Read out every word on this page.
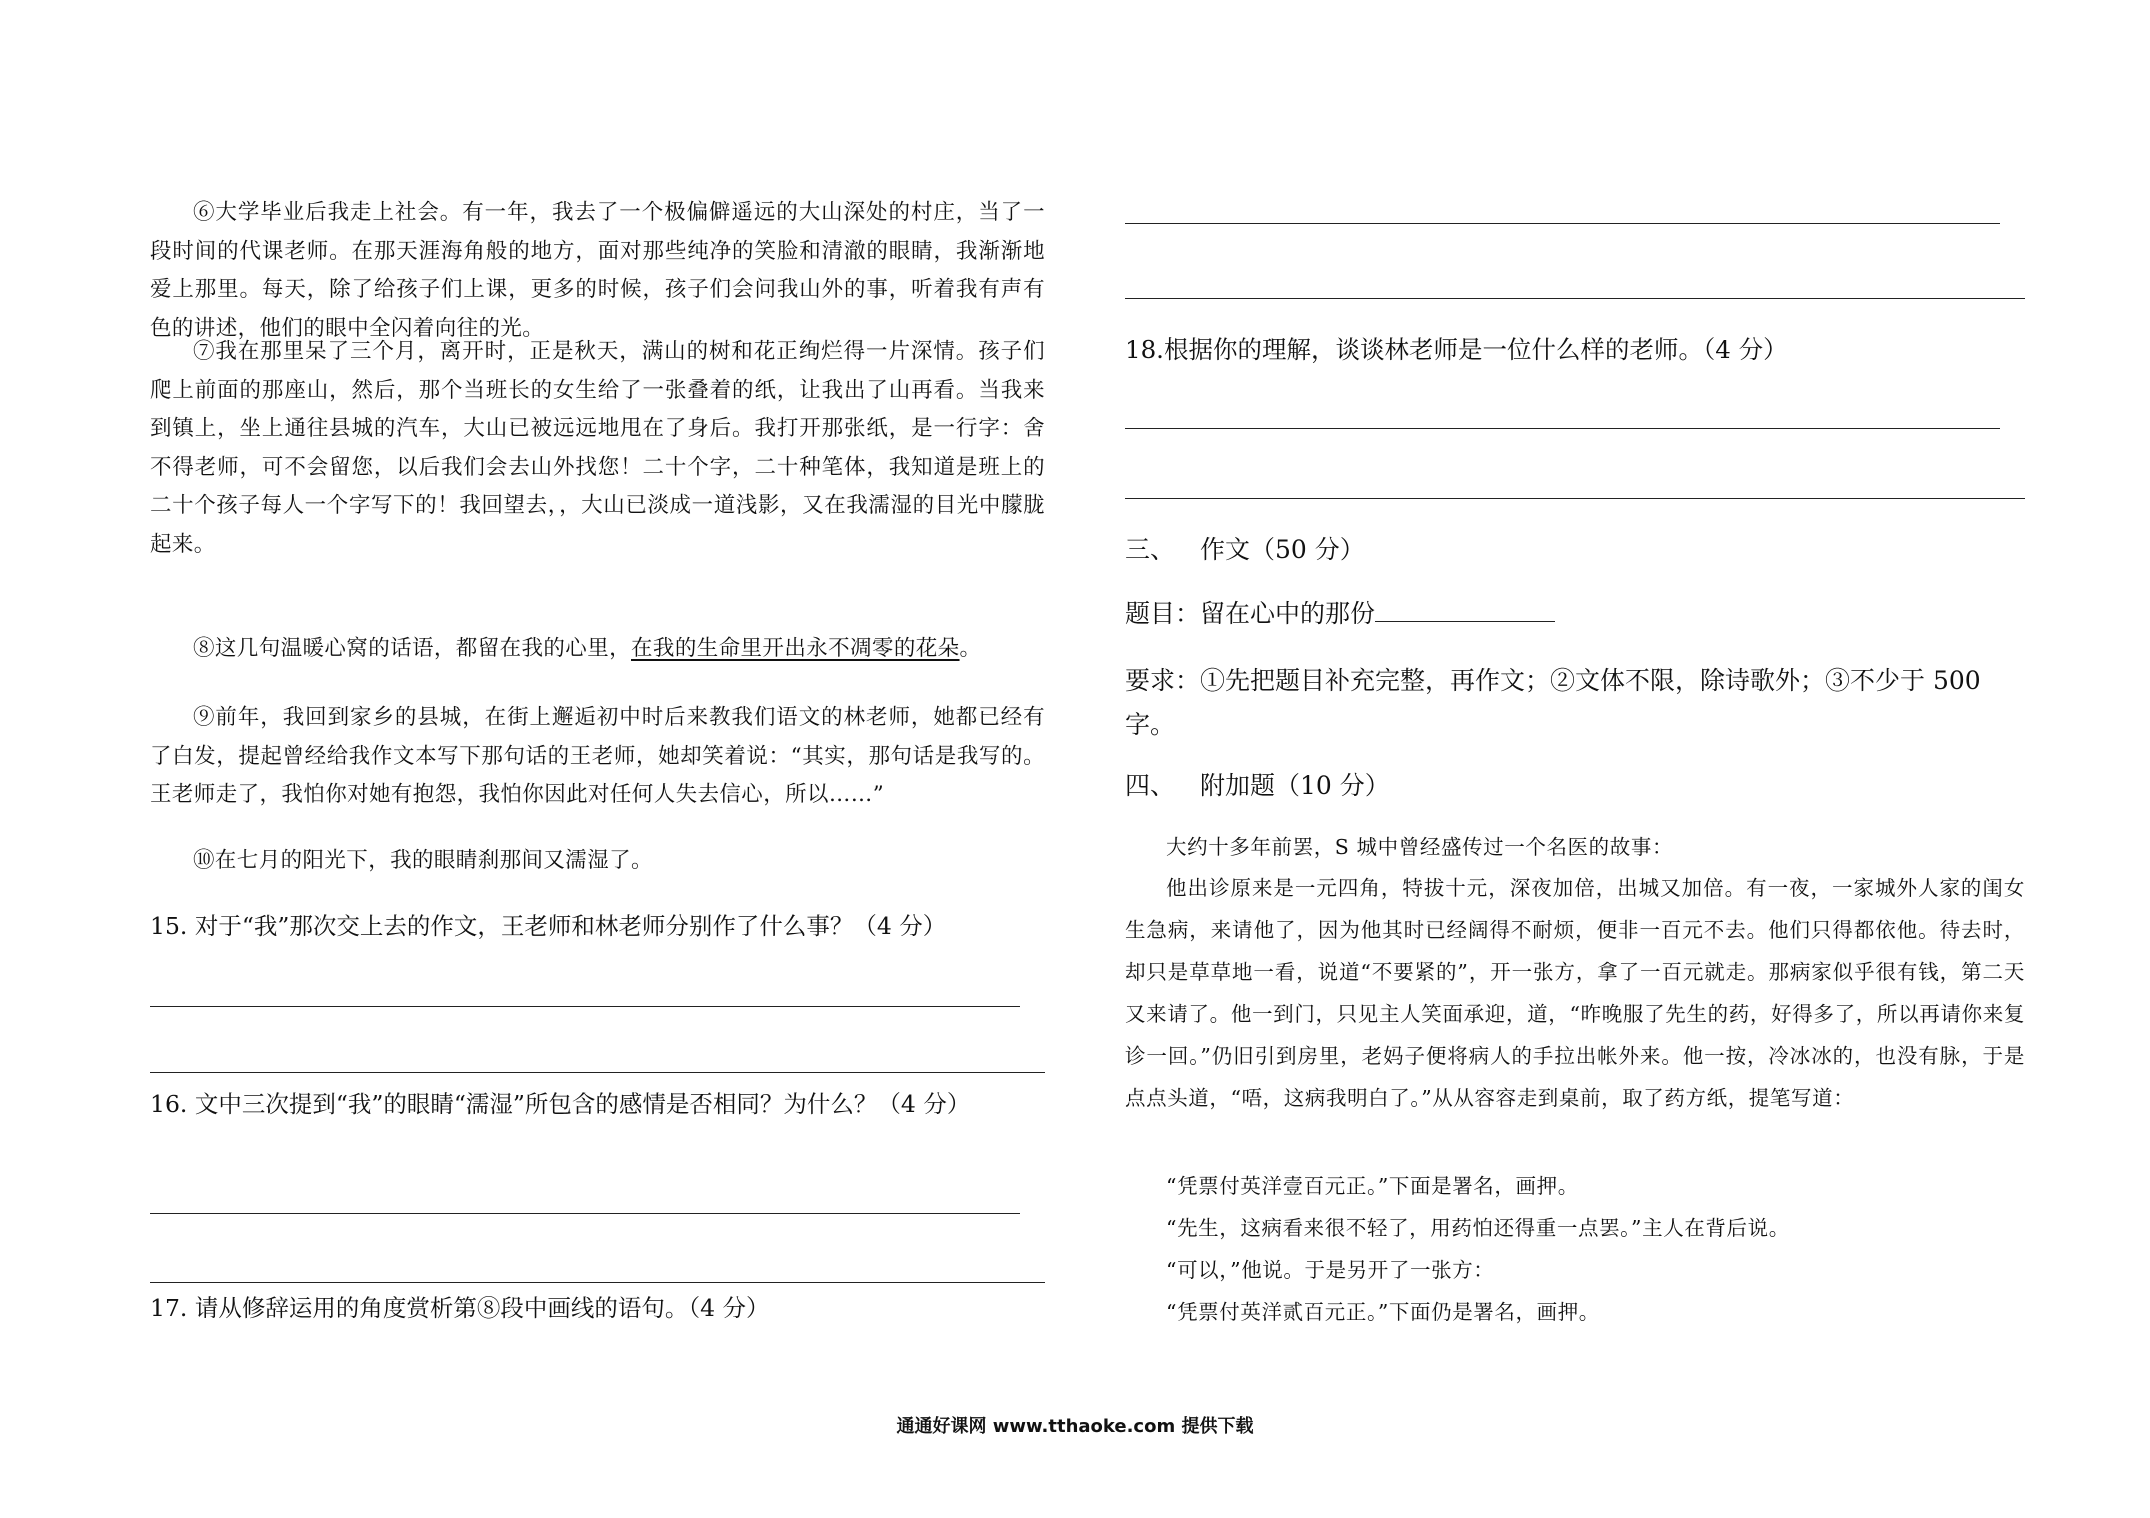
⑥大学毕业后我走上社会。有一年，我去了一个极偏僻遥远的大山深处的村庄，当了一段时间的代课老师。在那天涯海角般的地方，面对那些纯净的笑脸和清澈的眼睛，我渐渐地爱上那里。每天，除了给孩子们上课，更多的时候，孩子们会问我山外的事，听着我有声有色的讲述，他们的眼中全闪着向往的光。

⑦我在那里呆了三个月，离开时，正是秋天，满山的树和花正绚烂得一片深情。孩子们爬上前面的那座山，然后，那个当班长的女生给了一张叠着的纸，让我出了山再看。当我来到镇上，坐上通往县城的汽车，大山已被远远地甩在了身后。我打开那张纸，是一行字：舍不得老师，可不会留您，以后我们会去山外找您！二十个字，二十种笔体，我知道是班上的二十个孩子每人一个字写下的！我回望去，，大山已淡成一道浅影，又在我濡湿的目光中朦胧起来。

⑧这几句温暖心窝的话语，都留在我的心里，在我的生命里开出永不凋零的花朵。

⑨前年，我回到家乡的县城，在街上邂逅初中时后来教我们语文的林老师，她都已经有了白发，提起曾经给我作文本写下那句话的王老师，她却笑着说：“其实，那句话是我写的。王老师走了，我怕你对她有抱怨，我怕你因此对任何人失去信心，所以……”

⑩在七月的阳光下，我的眼睛刹那间又濡湿了。

15. 对于“我”那次交上去的作文，王老师和林老师分别作了什么事？（4 分）

16. 文中三次提到“我”的眼睛“濡湿”所包含的感情是否相同？为什么？（4 分）

17. 请从修辞运用的角度赏析第⑧段中画线的语句。（4 分）

18.根据你的理解，谈谈林老师是一位什么样的老师。（4 分）

三、 作文（50 分）

题目：留在心中的那份

要求：①先把题目补充完整，再作文；②文体不限，除诗歌外；③不少于 500 字。

四、 附加题（10 分）

大约十多年前罢，S 城中曾经盛传过一个名医的故事：

他出诊原来是一元四角，特拔十元，深夜加倍，出城又加倍。有一夜，一家城外人家的闺女生急病，来请他了，因为他其时已经阔得不耐烦，便非一百元不去。他们只得都依他。待去时，却只是草草地一看，说道“不要紧的”，开一张方，拿了一百元就走。那病家似乎很有钱，第二天又来请了。他一到门，只见主人笑面承迎，道，“昨晚服了先生的药，好得多了，所以再请你来复诊一回。”仍旧引到房里，老妈子便将病人的手拉出帐外来。他一按，冷冰冰的，也没有脉，于是点点头道，“唔，这病我明白了。”从从容容走到桌前，取了药方纸，提笔写道：

“凭票付英洋壹百元正。”下面是署名，画押。

“先生，这病看来很不轻了，用药怕还得重一点罢。”主人在背后说。

“可以，”他说。于是另开了一张方：

“凭票付英洋贰百元正。”下面仍是署名，画押。

通通好课网 www.tthaoke.com 提供下载
